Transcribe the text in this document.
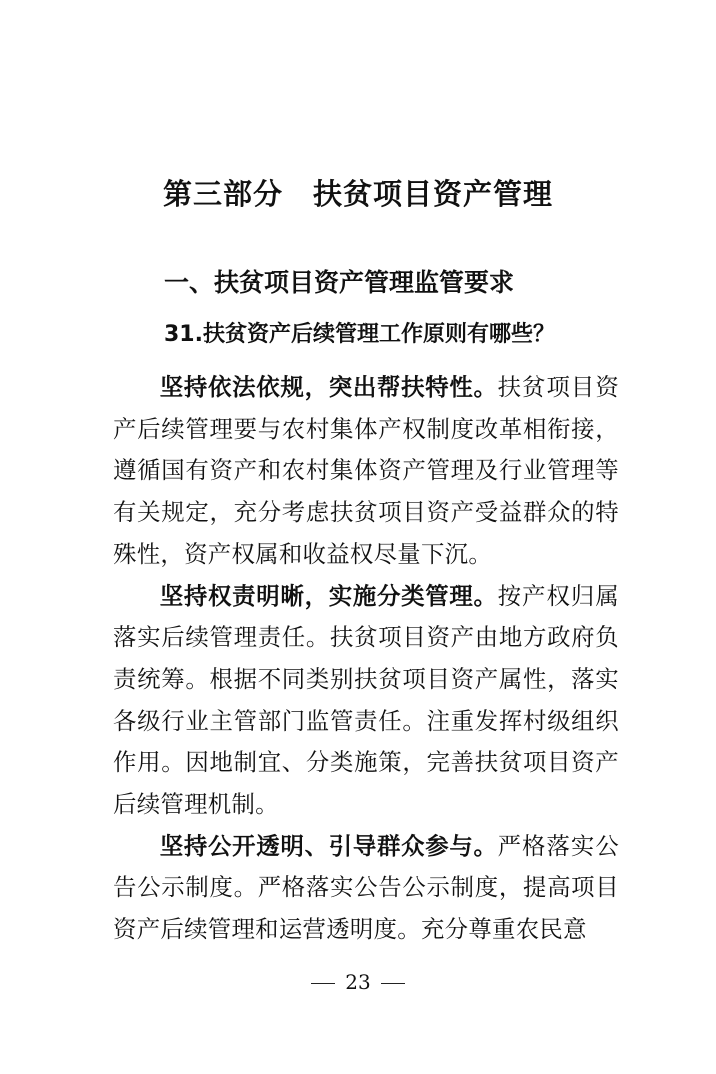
第三部分　扶贫项目资产管理
一、扶贫项目资产管理监管要求
31.扶贫资产后续管理工作原则有哪些？

坚持依法依规，突出帮扶特性。扶贫项目资产后续管理要与农村集体产权制度改革相衔接，遵循国有资产和农村集体资产管理及行业管理等有关规定，充分考虑扶贫项目资产受益群众的特殊性，资产权属和收益权尽量下沉。

坚持权责明晰，实施分类管理。按产权归属落实后续管理责任。扶贫项目资产由地方政府负责统筹。根据不同类别扶贫项目资产属性，落实各级行业主管部门监管责任。注重发挥村级组织作用。因地制宜、分类施策，完善扶贫项目资产后续管理机制。

坚持公开透明、引导群众参与。严格落实公告公示制度。严格落实公告公示制度，提高项目资产后续管理和运营透明度。充分尊重农民意

23
